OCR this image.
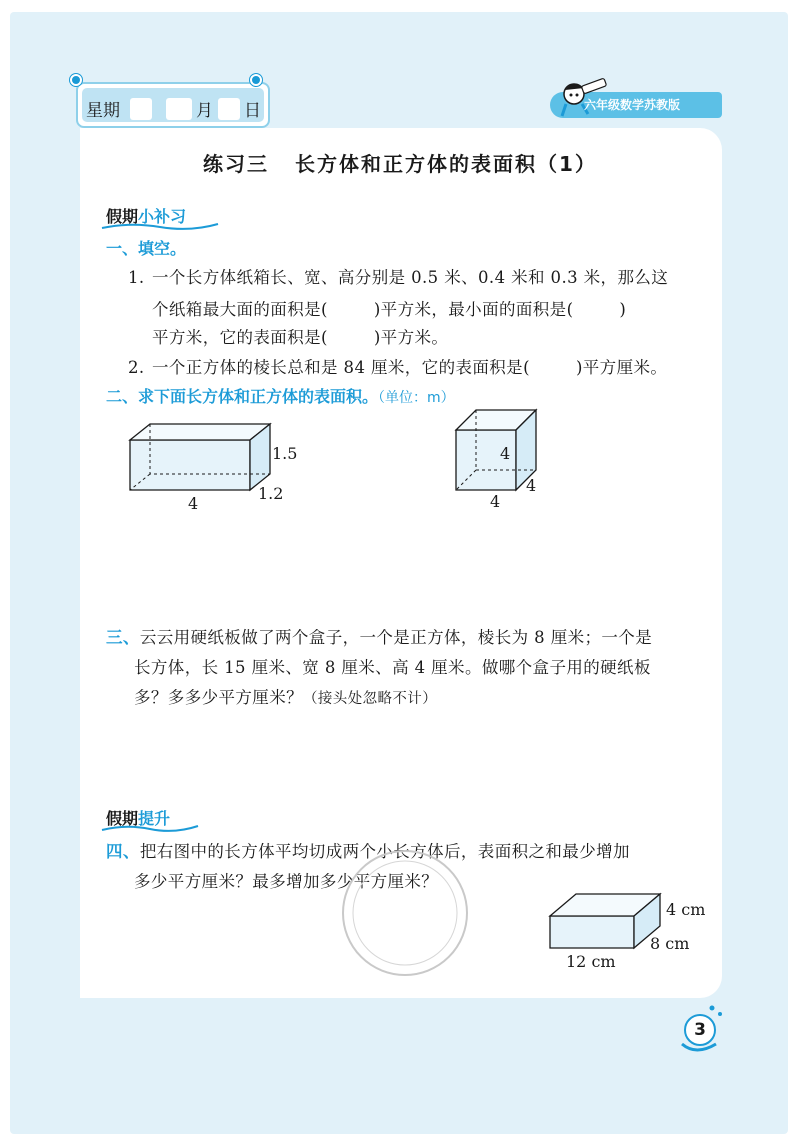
星期	月 日	六年级数学苏教版
练习三 长方体和正方体的表面积（1）
假期小补习
一、填空。
1. 一个长方体纸箱长、宽、高分别是 0.5 米、0.4 米和 0.3 米，那么这
个纸箱最大面的面积是(	)平方米，最小面的面积是(	)
平方米，它的表面积是(	)平方米。
2. 一个正方体的棱长总和是 84 厘米，它的表面积是(	)平方厘米。
二、求下面长方体和正方体的表面积。（单位：m）
1.5
4
1.2
4
4
4
三、云云用硬纸板做了两个盒子，一个是正方体，棱长为 8 厘米；一个是
长方体，长 15 厘米、宽 8 厘米、高 4 厘米。做哪个盒子用的硬纸板
多？多多少平方厘米？（接头处忽略不计）
假期提升
四、把右图中的长方体平均切成两个小长方体后，表面积之和最少增加
多少平方厘米？最多增加多少平方厘米？
4 cm
8 cm
12 cm
3
